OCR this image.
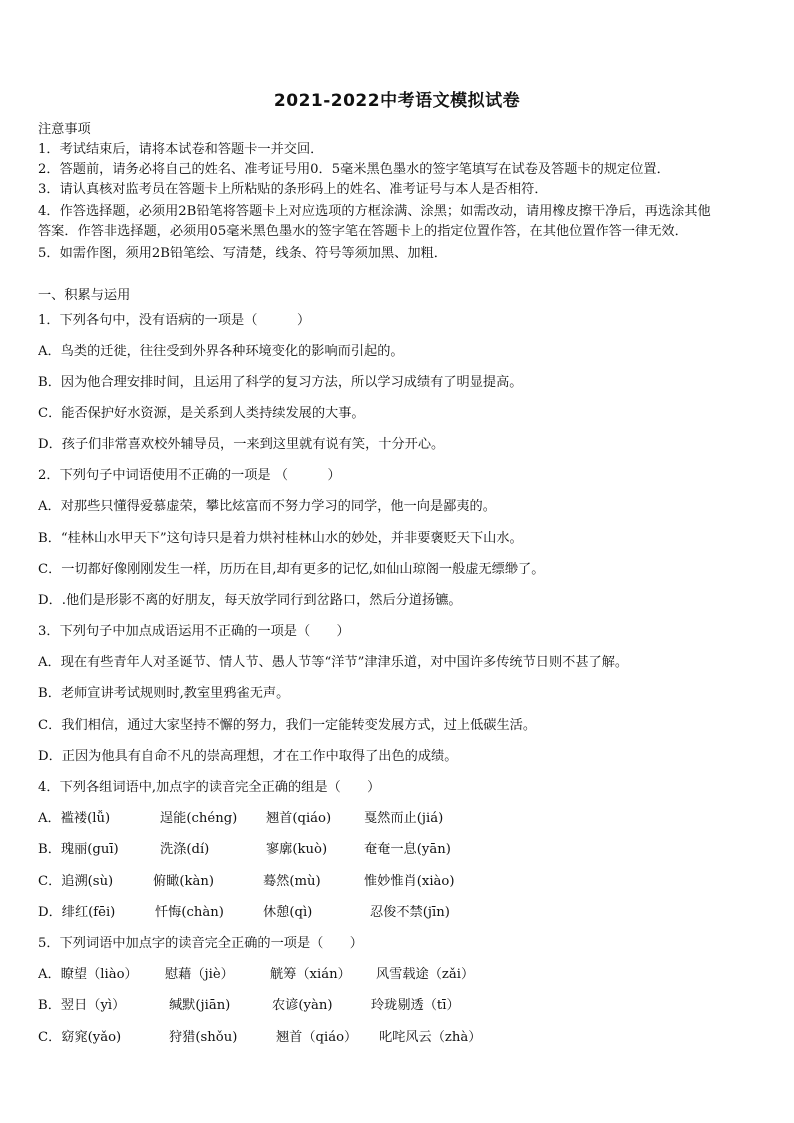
2021-2022中考语文模拟试卷
注意事项
1．考试结束后，请将本试卷和答题卡一并交回．
2．答题前，请务必将自己的姓名、准考证号用0．5毫米黑色墨水的签字笔填写在试卷及答题卡的规定位置．
3．请认真核对监考员在答题卡上所粘贴的条形码上的姓名、准考证号与本人是否相符．
4．作答选择题，必须用2B铅笔将答题卡上对应选项的方框涂满、涂黑；如需改动，请用橡皮擦干净后，再选涂其他
答案．作答非选择题，必须用05毫米黑色墨水的签字笔在答题卡上的指定位置作答，在其他位置作答一律无效．
5．如需作图，须用2B铅笔绘、写清楚，线条、符号等须加黑、加粗．
一、积累与运用
1．下列各句中，没有语病的一项是（　　　）
A．鸟类的迁徙，往往受到外界各种环境变化的影响而引起的。
B．因为他合理安排时间，且运用了科学的复习方法，所以学习成绩有了明显提高。
C．能否保护好水资源，是关系到人类持续发展的大事。
D．孩子们非常喜欢校外辅导员，一来到这里就有说有笑，十分开心。
2．下列句子中词语使用不正确的一项是 （　　　）
A．对那些只懂得爱慕虚荣，攀比炫富而不努力学习的同学，他一向是鄙夷的。
B．“桂林山水甲天下”这句诗只是着力烘衬桂林山水的妙处，并非要褒贬天下山水。
C．一切都好像刚刚发生一样，历历在目,却有更多的记忆,如仙山琼阁一般虚无缥缈了。
D．.他们是形影不离的好朋友，每天放学同行到岔路口，然后分道扬镳。
3．下列句子中加点成语运用不正确的一项是（　　）
A．现在有些青年人对圣诞节、情人节、愚人节等“洋节”津津乐道，对中国许多传统节日则不甚了解。
B．老师宣讲考试规则时,教室里鸦雀无声。
C．我们相信，通过大家坚持不懈的努力，我们一定能转变发展方式，过上低碳生活。
D．正因为他具有自命不凡的崇高理想，才在工作中取得了出色的成绩。
4．下列各组词语中,加点字的读音完全正确的组是（　　）
A．褴褛(lǚ)	逞能(chéng) 翘首(qiáo) 戛然而止(jiá)
B．瑰丽(guī)	洗涤(dí)	寥廓(kuò)	奄奄一息(yān)
C．追溯(sù)	俯瞰(kàn)	蓦然(mù)	惟妙惟肖(xiào)
D．绯红(fēi)	忏悔(chàn)	休憩(qì)	忍俊不禁(jīn)
5．下列词语中加点字的读音完全正确的一项是（　　）
A．瞭望（liào） 慰藉（jiè）	觥筹（xián） 风雪载途（zǎi）
B．翌日（yì）	缄默(jiān)	农谚(yàn)	玲珑剔透（tī）
C．窈窕(yǎo)	狩猎(shǒu)	翘首（qiáo） 叱咤风云（zhà）
